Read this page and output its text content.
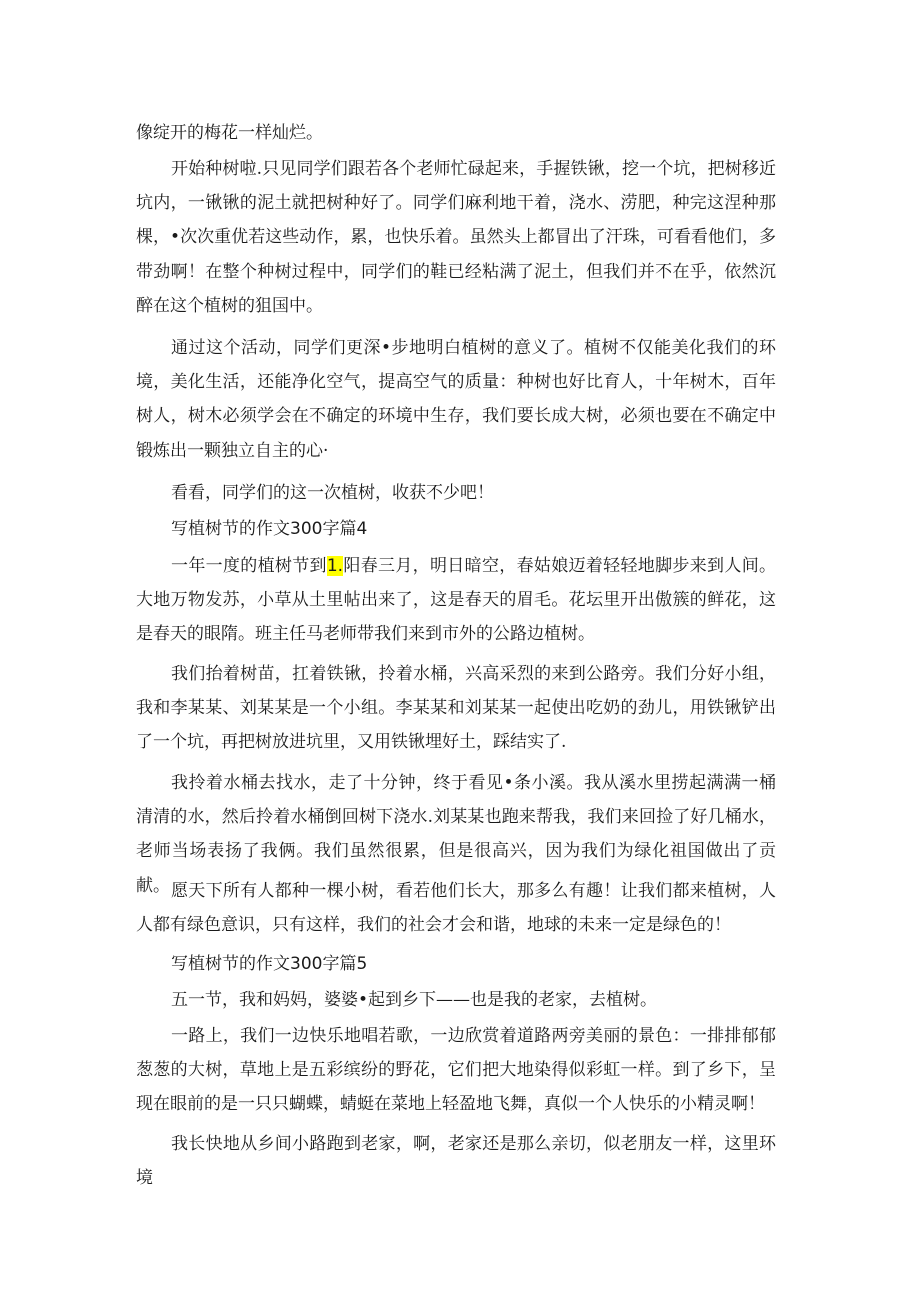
像绽开的梅花一样灿烂。

开始种树啦.只见同学们跟若各个老师忙碌起来，手握铁锹，挖一个坑，把树移近坑内，一锹锹的泥土就把树种好了。同学们麻利地干着，浇水、涝肥，种完这涅种那棵，•次次重优若这些动作，累，也快乐着。虽然头上都冒出了汗珠，可看看他们，多带劲啊！在整个种树过程中，同学们的鞋已经粘满了泥土，但我们并不在乎，依然沉醉在这个植树的狙国中。

通过这个活动，同学们更深•步地明白植树的意义了。植树不仅能美化我们的环境，美化生活，还能净化空气，提高空气的质量：种树也好比育人，十年树木，百年树人，树木必须学会在不确定的环境中生存，我们要长成大树，必须也要在不确定中锻炼出一颗独立自主的心·

看看，同学们的这一次植树，收获不少吧！

写植树节的作文300字篇4

一年一度的植树节到1.阳春三月，明日暗空，春姑娘迈着轻轻地脚步来到人间。大地万物发苏，小草从土里帖出来了，这是春天的眉毛。花坛里开出傲簇的鲜花，这是春天的眼隋。班主任马老师带我们来到市外的公路边植树。

我们抬着树苗，扛着铁锹，拎着水桶，兴高采烈的来到公路旁。我们分好小组，我和李某某、刘某某是一个小组。李某某和刘某某一起使出吃奶的劲儿，用铁锹铲出了一个坑，再把树放进坑里，又用铁锹埋好土，踩结实了.

我拎着水桶去找水，走了十分钟，终于看见•条小溪。我从溪水里捞起满满一桶清清的水，然后拎着水桶倒回树下浇水.刘某某也跑来帮我，我们来回捡了好几桶水，老师当场表扬了我俩。我们虽然很累，但是很高兴，因为我们为绿化祖国做出了贡献。 愿天下所有人都种一棵小树，看若他们长大，那多么有趣！让我们都来植树，人人都有绿色意识，只有这样，我们的社会才会和谐，地球的未来一定是绿色的！

写植树节的作文300字篇5

五一节，我和妈妈，婆婆•起到乡下——也是我的老家，去植树。

一路上，我们一边快乐地唱若歌，一边欣赏着道路两旁美丽的景色：一排排郁郁葱葱的大树，草地上是五彩缤纷的野花，它们把大地染得似彩虹一样。到了乡下，呈现在眼前的是一只只蝴蝶，蜻蜓在菜地上轻盈地飞舞，真似一个人快乐的小精灵啊！

我长快地从乡间小路跑到老家，啊，老家还是那么亲切，似老朋友一样，这里环境
